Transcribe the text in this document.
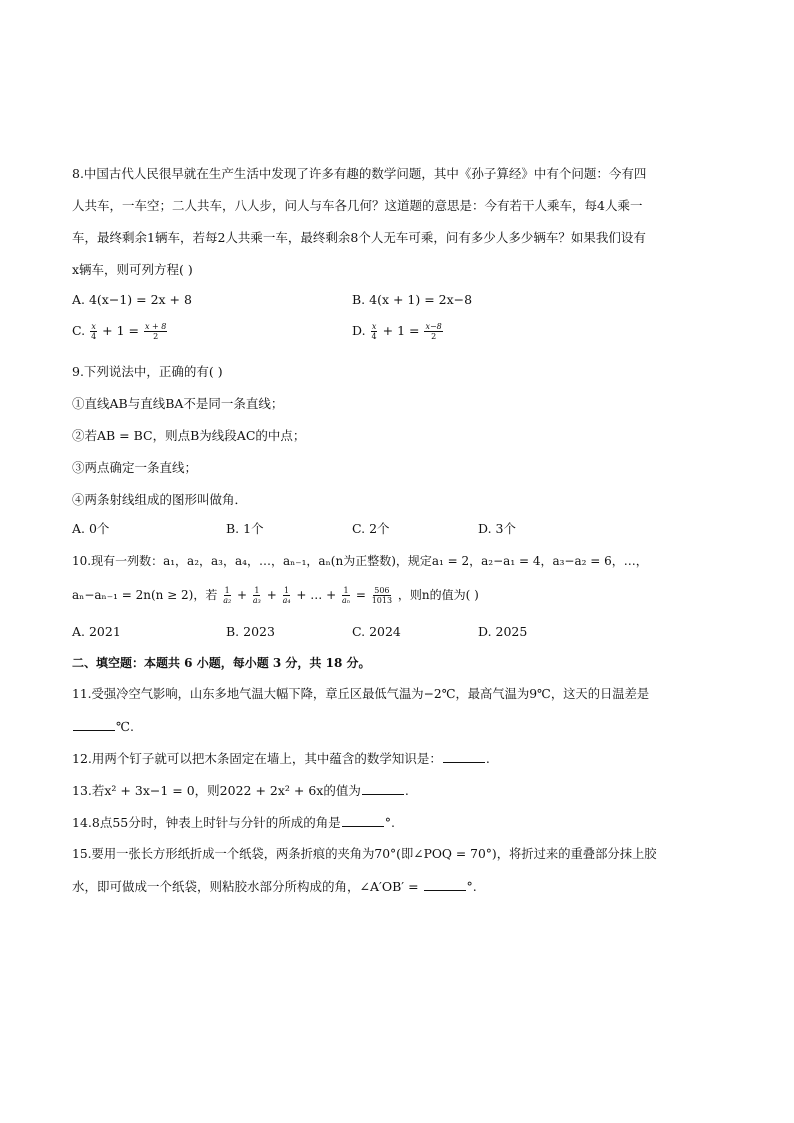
8.中国古代人民很早就在生产生活中发现了许多有趣的数学问题，其中《孙子算经》中有个问题：今有四
人共车，一车空；二人共车，八人步，问人与车各几何？这道题的意思是：今有若干人乘车，每4人乘一
车，最终剩余1辆车，若每2人共乘一车，最终剩余8个人无车可乘，问有多少人多少辆车？如果我们设有
x辆车，则可列方程( )
A. 4(x−1) = 2x + 8	B. 4(x + 1) = 2x−8
C. $\frac{x}{4} + 1 = \frac{x + 8}{2}$	D. $\frac{x}{4} + 1 = \frac{x-8}{2}$
9.下列说法中，正确的有( )
①直线AB与直线BA不是同一条直线；
②若AB = BC，则点B为线段AC的中点；
③两点确定一条直线；
④两条射线组成的图形叫做角．
A. 0个	B. 1个	C. 2个	D. 3个
10.现有一列数：a₁，a₂，a₃，a₄，…，aₙ₋₁，aₙ(n为正整数)，规定a₁ = 2，a₂−a₁ = 4，a₃−a₂ = 6，…，
aₙ−aₙ₋₁ = 2n(n ≥ 2)，若 $\frac{1}{\text{a₂}} + \frac{1}{\text{a₃}} + \frac{1}{\text{a₄}}$ + … + $\frac{1}{\text{aₙ}} = \frac{506}{1013}$ ，则n的值为( )
A. 2021	B. 2023	C. 2024	D. 2025
二、填空题：本题共 6 小题，每小题 3 分，共 18 分。
11.受强冷空气影响，山东多地气温大幅下降，章丘区最低气温为−2℃，最高气温为9℃，这天的日温差是
℃.
12.用两个钉子就可以把木条固定在墙上，其中蕴含的数学知识是：	.
13.若x² + 3x−1 = 0，则2022 + 2x² + 6x的值为	.
14.8点55分时，钟表上时针与分针的所成的角是	°.
15.要用一张长方形纸折成一个纸袋，两条折痕的夹角为70°(即∠POQ = 70°)，将折过来的重叠部分抹上胶
水，即可做成一个纸袋，则粘胶水部分所构成的角，∠A′OB′ =	°.
